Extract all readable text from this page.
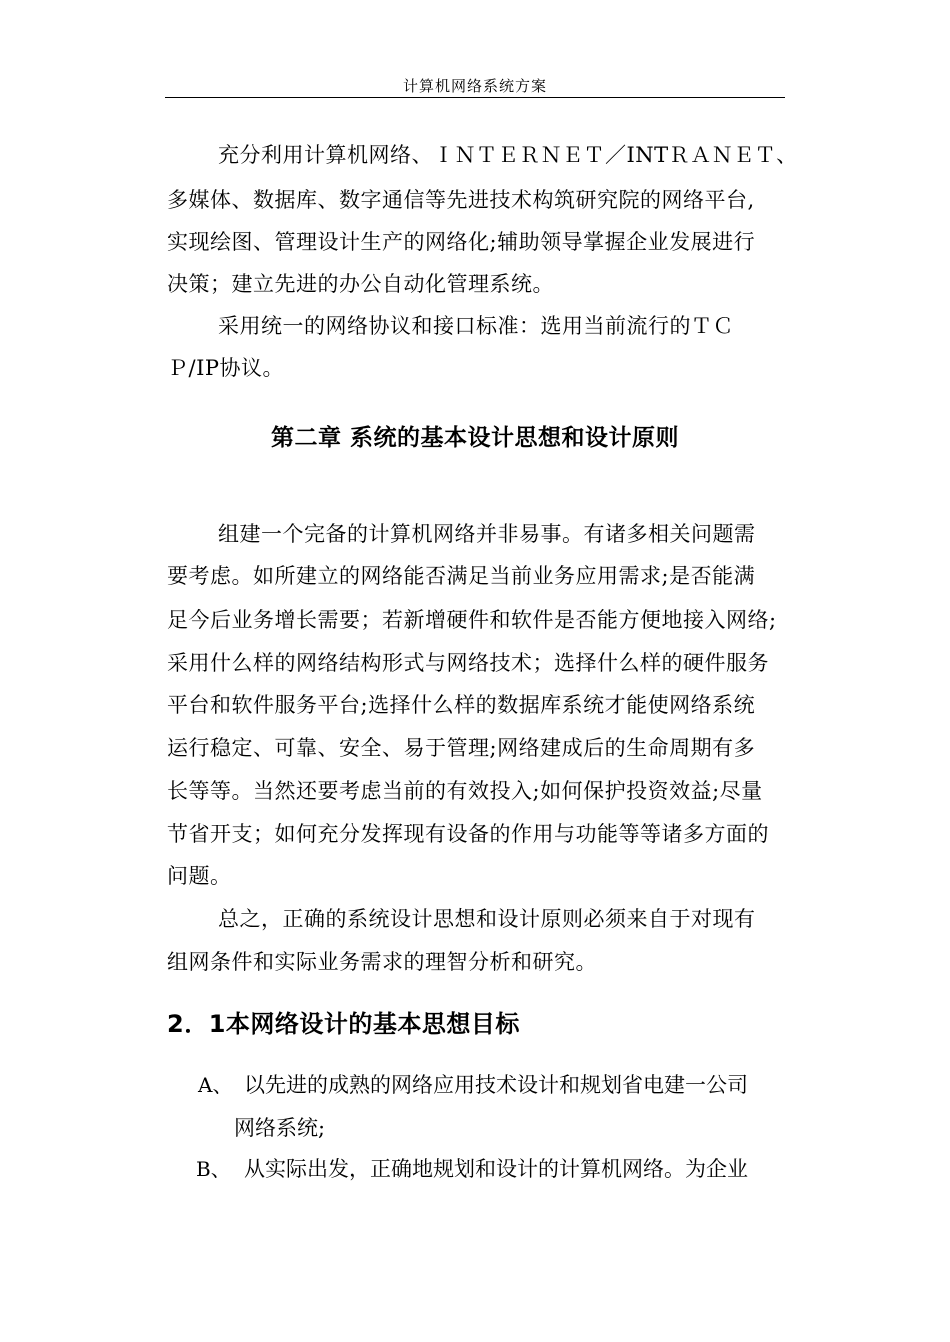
计算机网络系统方案
充分利用计算机网络、ＩＮＴＥＲＮＥＴ／INTＲＡＮＥＴ、
多媒体、数据库、数字通信等先进技术构筑研究院的网络平台,
实现绘图、管理设计生产的网络化;辅助领导掌握企业发展进行
决策；建立先进的办公自动化管理系统。
采用统一的网络协议和接口标准：选用当前流行的ＴＣ
Ｐ/IP协议。
第二章 系统的基本设计思想和设计原则
组建一个完备的计算机网络并非易事。有诸多相关问题需
要考虑。如所建立的网络能否满足当前业务应用需求;是否能满
足今后业务增长需要；若新增硬件和软件是否能方便地接入网络;
采用什么样的网络结构形式与网络技术；选择什么样的硬件服务
平台和软件服务平台;选择什么样的数据库系统才能使网络系统
运行稳定、可靠、安全、易于管理;网络建成后的生命周期有多
长等等。当然还要考虑当前的有效投入;如何保护投资效益;尽量
节省开支；如何充分发挥现有设备的作用与功能等等诸多方面的
问题。
总之，正确的系统设计思想和设计原则必须来自于对现有
组网条件和实际业务需求的理智分析和研究。
2．1本网络设计的基本思想目标
A、 以先进的成熟的网络应用技术设计和规划省电建一公司
网络系统;
B、 从实际出发，正确地规划和设计的计算机网络。为企业
